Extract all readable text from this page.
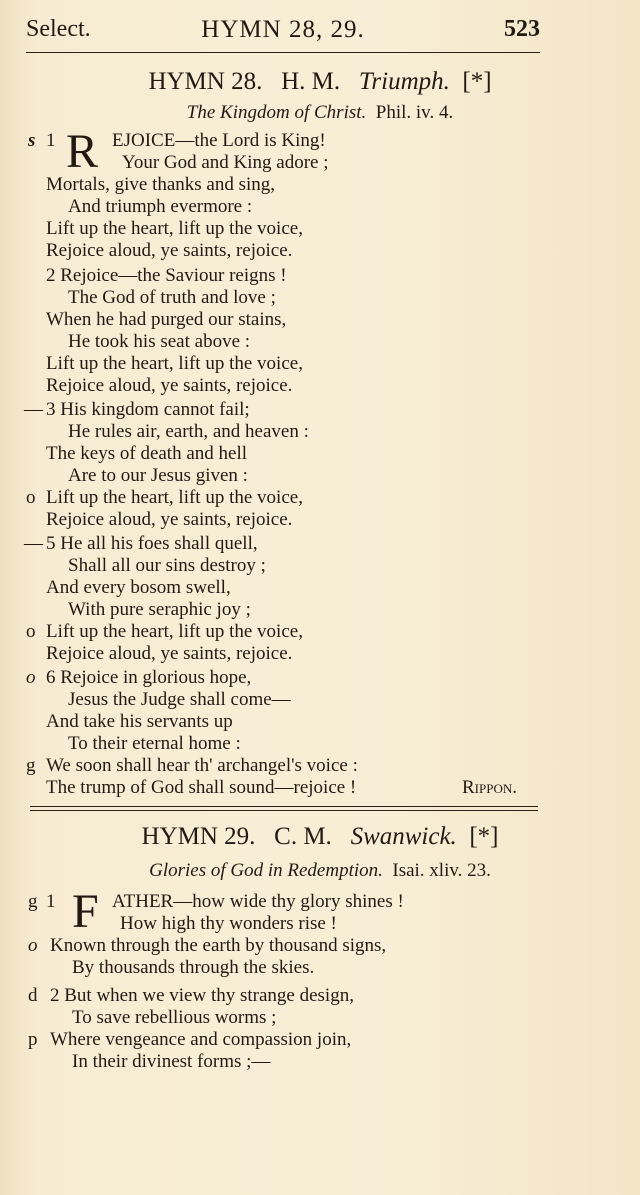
Select.	HYMN 28, 29.	523
HYMN 28.   H. M. Triumph. [*]
The Kingdom of Christ. Phil. iv. 4.
s 1 R EJOICE—the Lord is King!
Your God and King adore ;
Mortals, give thanks and sing,
And triumph evermore :
Lift up the heart, lift up the voice,
Rejoice aloud, ye saints, rejoice.
2 Rejoice—the Saviour reigns !
The God of truth and love ;
When he had purged our stains,
He took his seat above :
Lift up the heart, lift up the voice,
Rejoice aloud, ye saints, rejoice.
— 3 His kingdom cannot fail;
He rules air, earth, and heaven :
The keys of death and hell
Are to our Jesus given :
o Lift up the heart, lift up the voice,
Rejoice aloud, ye saints, rejoice.
— 5 He all his foes shall quell,
Shall all our sins destroy ;
And every bosom swell,
With pure seraphic joy ;
o Lift up the heart, lift up the voice,
Rejoice aloud, ye saints, rejoice.
o 6 Rejoice in glorious hope,
Jesus the Judge shall come—
And take his servants up
To their eternal home :
g We soon shall hear th' archangel's voice :
The trump of God shall sound—rejoice !	Rippon.
HYMN 29.   C. M. Swanwick. [*]
Glories of God in Redemption. Isai. xliv. 23.
g 1 F ATHER—how wide thy glory shines !
How high thy wonders rise !
o Known through the earth by thousand signs,
By thousands through the skies.
d 2 But when we view thy strange design,
To save rebellious worms ;
p Where vengeance and compassion join,
In their divinest forms ;—
